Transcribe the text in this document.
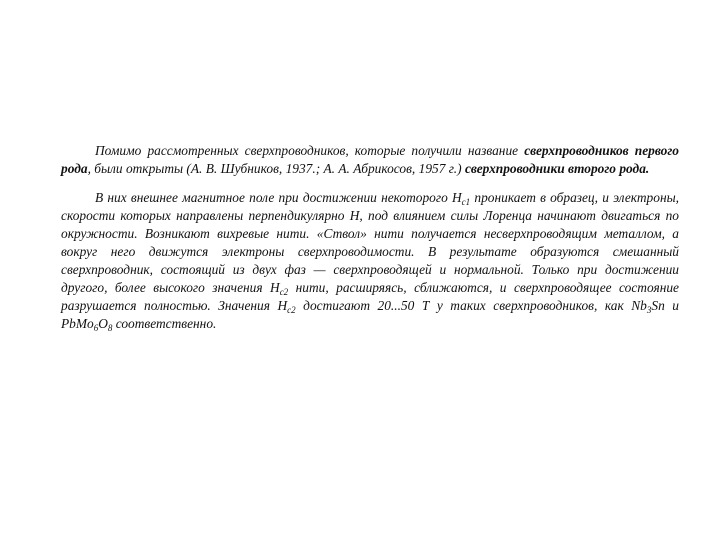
Помимо рассмотренных сверхпроводников, которые получили название сверхпроводников первого рода, были открыты (А. В. Шубников, 1937.; А. А. Абрикосов, 1957 г.) сверхпроводники второго рода.

В них внешнее магнитное поле при достижении некоторого $H_{c1}$ проникает в образец, и электроны, скорости которых направлены перпендикулярно H, под влиянием силы Лоренца начинают двигаться по окружности. Возникают вихревые нити. «Ствол» нити получается несверхпроводящим металлом, а вокруг него движутся электроны сверхпроводимости. В результате образуются смешанный сверхпроводник, состоящий из двух фаз — сверхпроводящей и нормальной. Только при достижении другого, более высокого значения $H_{c2}$ нити, расширяясь, сближаются, и сверхпроводящее состояние разрушается полностью. Значения $H_{c2}$ достигают 20...50 Т у таких сверхпроводников, как $Nb_3Sn$ и $PbMo_6O_8$ соответственно.
